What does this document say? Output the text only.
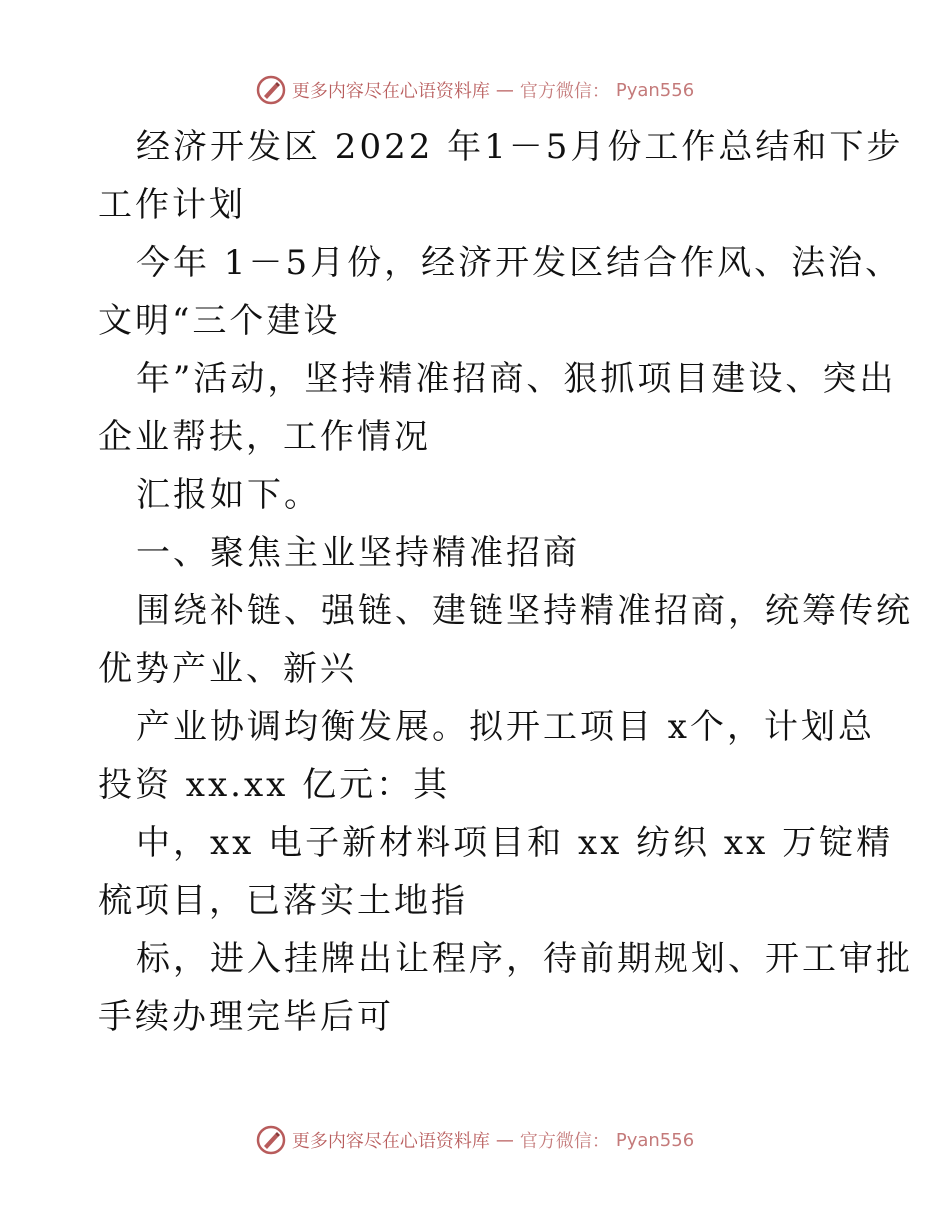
更多内容尽在心语资料库 — 官方微信： Pyan556
经济开发区 2022 年1－5月份工作总结和下步
工作计划
今年 1－5月份，经济开发区结合作风、法治、
文明“三个建设
年”活动，坚持精准招商、狠抓项目建设、突出
企业帮扶，工作情况
汇报如下。
一、聚焦主业坚持精准招商
围绕补链、强链、建链坚持精准招商，统筹传统
优势产业、新兴
产业协调均衡发展。拟开工项目 x个，计划总
投资 xx.xx 亿元：其
中，xx 电子新材料项目和 xx 纺织 xx 万锭精
梳项目，已落实土地指
标，进入挂牌出让程序，待前期规划、开工审批
手续办理完毕后可
更多内容尽在心语资料库 — 官方微信： Pyan556
